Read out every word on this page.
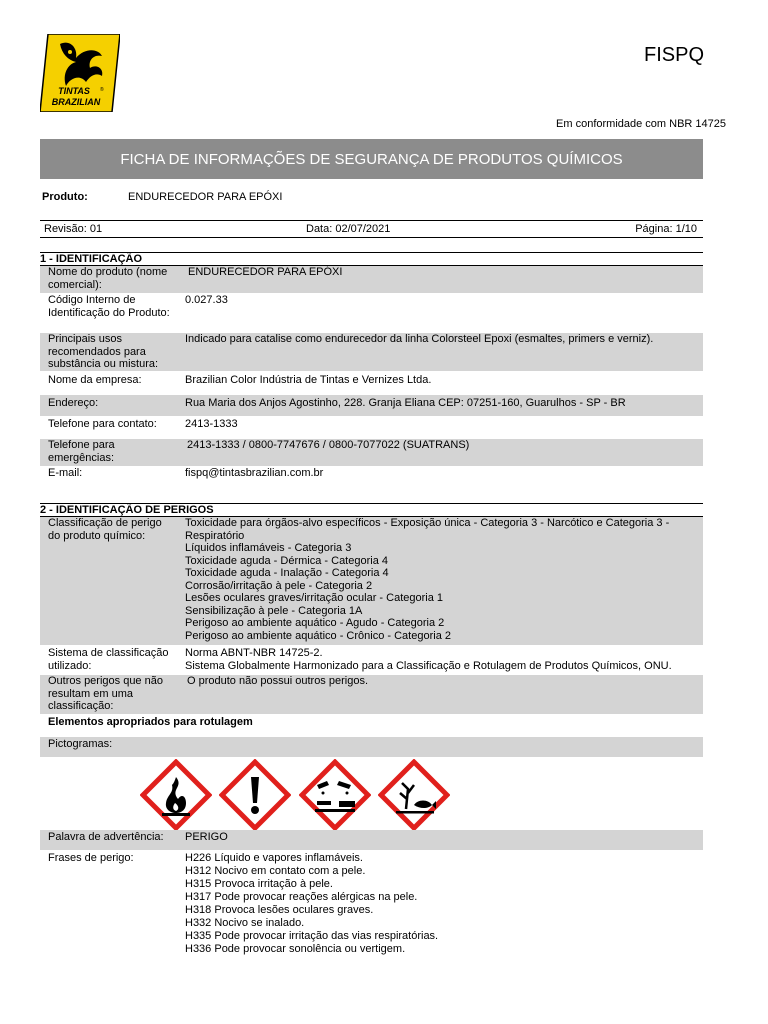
TINTAS ®
BRAZILIAN
FISPQ
Em conformidade com NBR 14725
FICHA DE INFORMAÇÕES DE SEGURANÇA DE PRODUTOS QUÍMICOS
Produto:	ENDURECEDOR PARA EPÓXI
Revisão: 01	Data: 02/07/2021	Página: 1/10
1 - IDENTIFICAÇÃO
Nome do produto (nome comercial):
ENDURECEDOR PARA EPÓXI
Código Interno de Identificação do Produto:
0.027.33
Principais usos recomendados para substância ou mistura:
Indicado para catalise como endurecedor da linha Colorsteel Epoxi (esmaltes, primers e verniz).
Nome da empresa:	Brazilian Color Indústria de Tintas e Vernizes Ltda.
Endereço:	Rua Maria dos Anjos Agostinho, 228. Granja Eliana CEP: 07251-160, Guarulhos - SP - BR
Telefone para contato:	2413-1333
Telefone para emergências:
2413-1333 / 0800-7747676 / 0800-7077022 (SUATRANS)
E-mail:	fispq@tintasbrazilian.com.br
2 - IDENTIFICAÇÃO DE PERIGOS
Classificação de perigo do produto químico:

Toxicidade para órgãos-alvo específicos - Exposição única - Categoria 3 - Narcótico e Categoria 3 -

Respiratório

Líquidos inflamáveis - Categoria 3

Toxicidade aguda - Dérmica - Categoria 4

Toxicidade aguda - Inalação - Categoria 4

Corrosão/irritação à pele - Categoria 2

Lesões oculares graves/irritação ocular - Categoria 1

Sensibilização à pele - Categoria 1A

Perigoso ao ambiente aquático - Agudo - Categoria 2

Perigoso ao ambiente aquático - Crônico - Categoria 2

Sistema de classificação utilizado:

Norma ABNT-NBR 14725-2.

Sistema Globalmente Harmonizado para a Classificação e Rotulagem de Produtos Químicos, ONU.

Outros perigos que não resultam em uma classificação:
O produto não possui outros perigos.
Elementos apropriados para rotulagem
Pictogramas:
Palavra de advertência:	PERIGO
Frases de perigo:	H226 Líquido e vapores inflamáveis.

H312 Nocivo em contato com a pele.

H315 Provoca irritação à pele.

H317 Pode provocar reações alérgicas na pele.

H318 Provoca lesões oculares graves.

H332 Nocivo se inalado.

H335 Pode provocar irritação das vias respiratórias.

H336 Pode provocar sonolência ou vertigem.
